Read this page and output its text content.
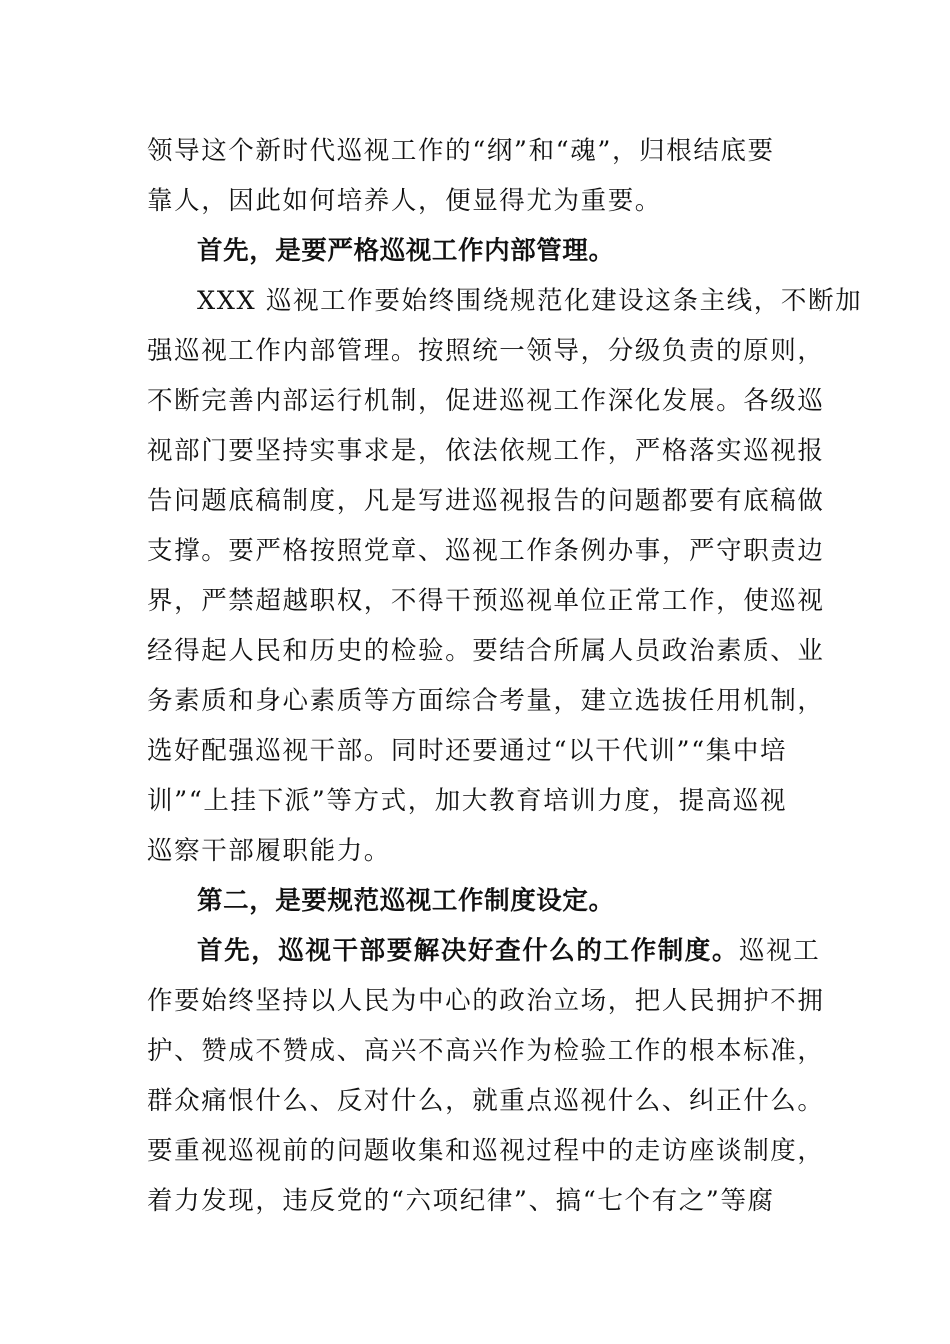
领导这个新时代巡视工作的“纲”和“魂”，归根结底要
靠人，因此如何培养人，便显得尤为重要。
首先，是要严格巡视工作内部管理。
XXX 巡视工作要始终围绕规范化建设这条主线，不断加
强巡视工作内部管理。按照统一领导，分级负责的原则，
不断完善内部运行机制，促进巡视工作深化发展。各级巡
视部门要坚持实事求是，依法依规工作，严格落实巡视报
告问题底稿制度，凡是写进巡视报告的问题都要有底稿做
支撑。要严格按照党章、巡视工作条例办事，严守职责边
界，严禁超越职权，不得干预巡视单位正常工作，使巡视
经得起人民和历史的检验。要结合所属人员政治素质、业
务素质和身心素质等方面综合考量，建立选拔任用机制，
选好配强巡视干部。同时还要通过“以干代训”“集中培
训”“上挂下派”等方式，加大教育培训力度，提高巡视
巡察干部履职能力。
第二，是要规范巡视工作制度设定。
首先，巡视干部要解决好查什么的工作制度。巡视工
作要始终坚持以人民为中心的政治立场，把人民拥护不拥
护、赞成不赞成、高兴不高兴作为检验工作的根本标准，
群众痛恨什么、反对什么，就重点巡视什么、纠正什么。
要重视巡视前的问题收集和巡视过程中的走访座谈制度，
着力发现，违反党的“六项纪律”、搞“七个有之”等腐
